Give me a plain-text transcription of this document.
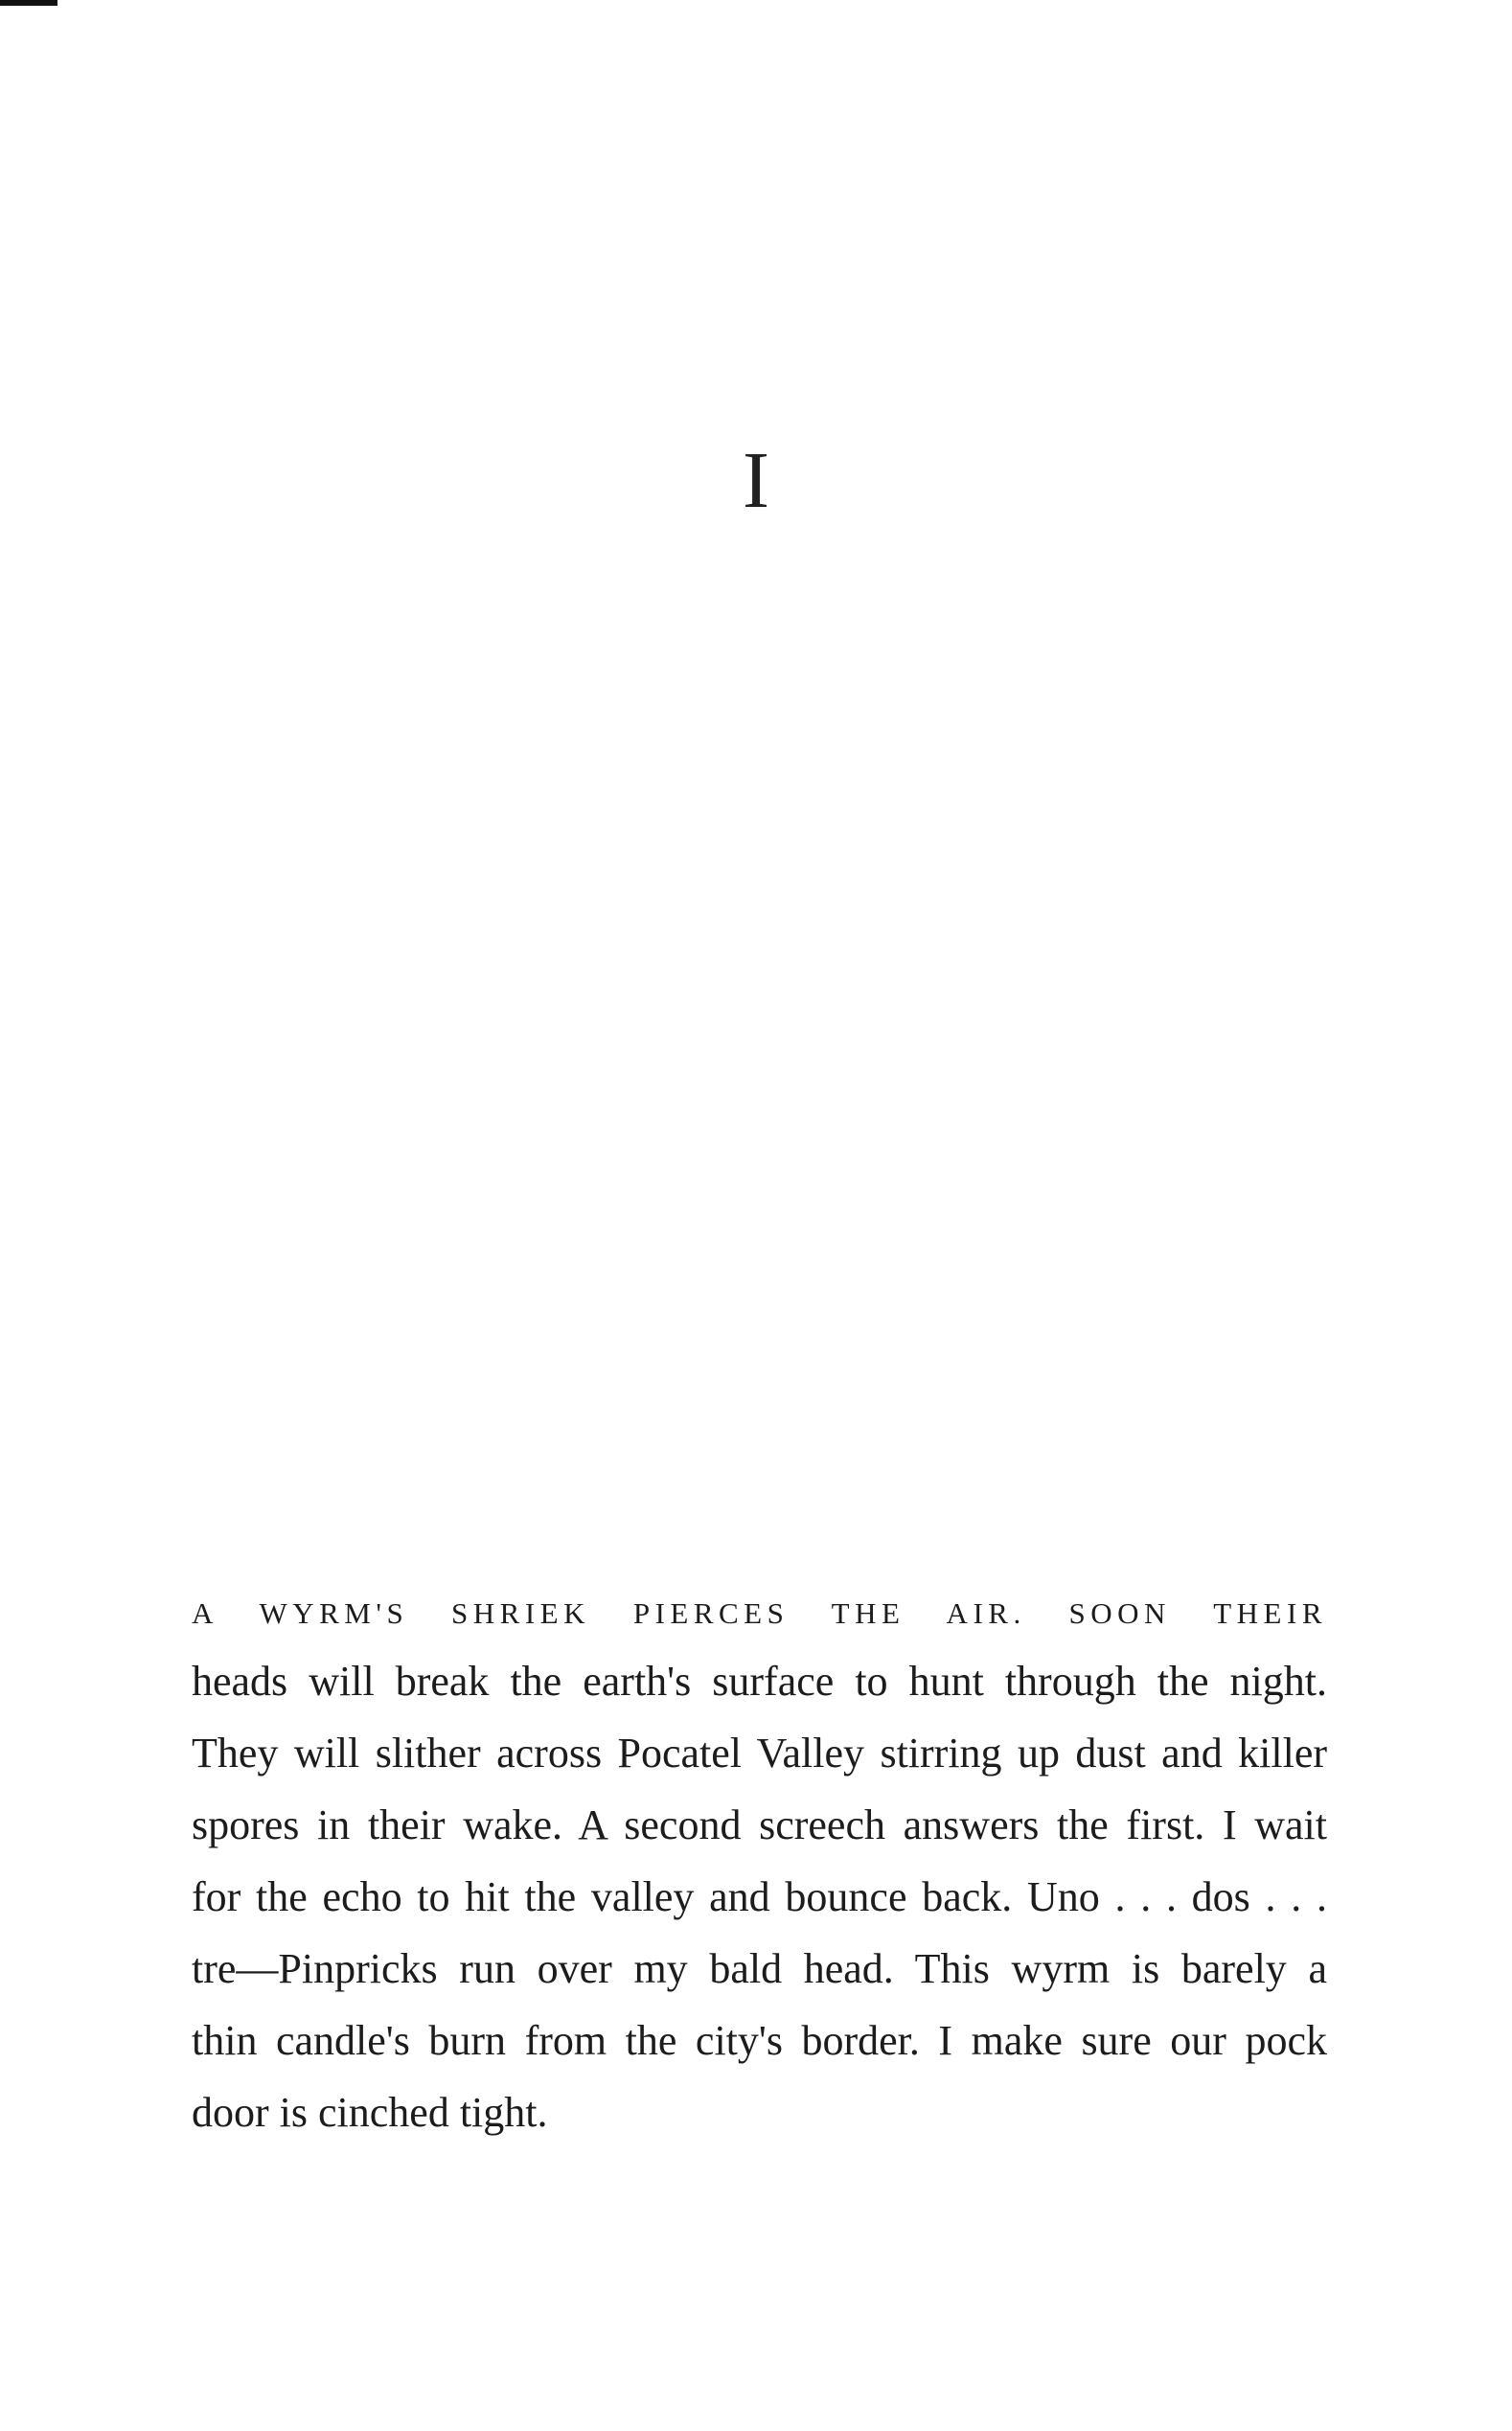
I
A WYRM'S SHRIEK PIERCES THE AIR. SOON THEIR
heads will break the earth's surface to hunt through the night.
They will slither across Pocatel Valley stirring up dust and killer
spores in their wake. A second screech answers the first. I wait
for the echo to hit the valley and bounce back. Uno . . . dos . . .
tre—Pinpricks run over my bald head. This wyrm is barely a
thin candle's burn from the city's border. I make sure our pock
door is cinched tight.
